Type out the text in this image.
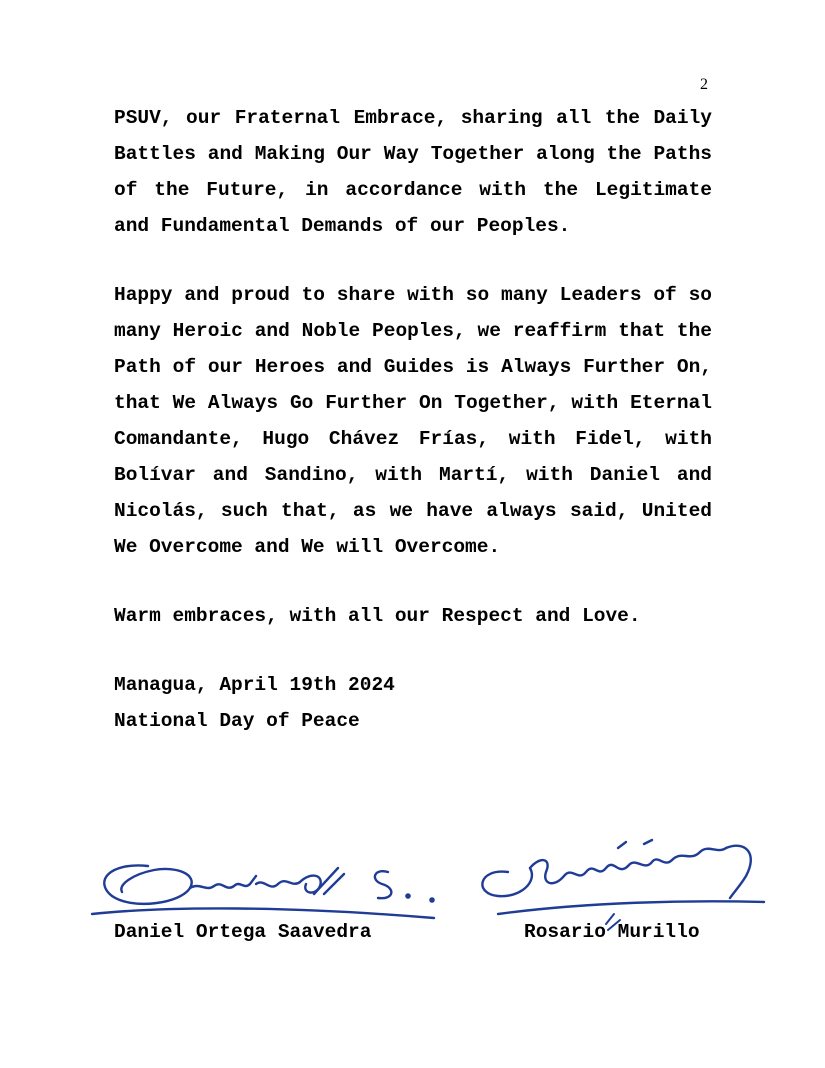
2

PSUV, our Fraternal Embrace, sharing all the Daily Battles and Making Our Way Together along the Paths of the Future, in accordance with the Legitimate and Fundamental Demands of our Peoples.

Happy and proud to share with so many Leaders of so many Heroic and Noble Peoples, we reaffirm that the Path of our Heroes and Guides is Always Further On, that We Always Go Further On Together, with Eternal Comandante, Hugo Chávez Frías, with Fidel, with Bolívar and Sandino, with Martí, with Daniel and Nicolás, such that, as we have always said, United We Overcome and We will Overcome.

Warm embraces, with all our Respect and Love.

Managua, April 19th 2024

National Day of Peace

Daniel Ortega Saavedra	Rosario Murillo
